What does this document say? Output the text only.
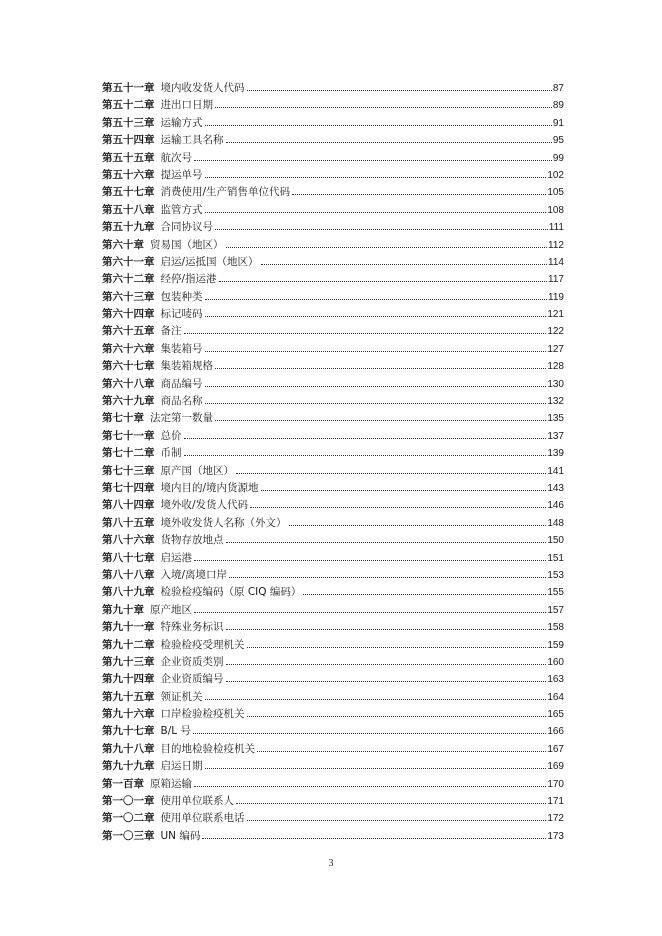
第五十一章 境内收发货人代码	87
第五十二章 进出口日期	89
第五十三章 运输方式	91
第五十四章 运输工具名称	95
第五十五章 航次号	99
第五十六章 提运单号	102
第五十七章 消费使用/生产销售单位代码	105
第五十八章 监管方式	108
第五十九章 合同协议号	111
第六十章 贸易国（地区）	112
第六十一章 启运/运抵国（地区）	114
第六十二章 经停/指运港	117
第六十三章 包装种类	119
第六十四章 标记唛码	121
第六十五章 备注	122
第六十六章 集装箱号	127
第六十七章 集装箱规格	128
第六十八章 商品编号	130
第六十九章 商品名称	132
第七十章 法定第一数量	135
第七十一章 总价	137
第七十二章 币制	139
第七十三章 原产国（地区）	141
第七十四章 境内目的/境内货源地	143
第八十四章 境外收/发货人代码	146
第八十五章 境外收发货人名称（外文）	148
第八十六章 货物存放地点	150
第八十七章 启运港	151
第八十八章 入境/离境口岸	153
第八十九章 检验检疫编码（原 CIQ 编码）	155
第九十章 原产地区	157
第九十一章 特殊业务标识	158
第九十二章 检验检疫受理机关	159
第九十三章 企业资质类别	160
第九十四章 企业资质编号	163
第九十五章 领证机关	164
第九十六章 口岸检验检疫机关	165
第九十七章 B/L 号	166
第九十八章 目的地检验检疫机关	167
第九十九章 启运日期	169
第一百章 原箱运输	170
第一〇一章 使用单位联系人	171
第一〇二章 使用单位联系电话	172
第一〇三章 UN 编码	173
3
